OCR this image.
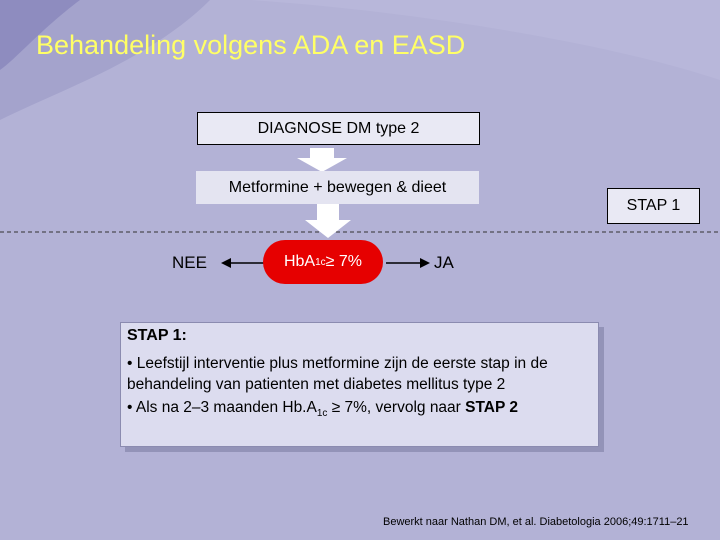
Behandeling volgens ADA en EASD
DIAGNOSE DM type 2
Metformine + bewegen & dieet
STAP 1
NEE	HbA 1c ≥ 7%	JA
STAP 1:
• Leefstijl interventie plus metformine zijn de eerste stap in de behandeling van patienten met diabetes mellitus type 2
• Als na 2–3 maanden $Hb.A_{1c} \ge 7\%$, vervolg naar STAP 2
Bewerkt naar Nathan DM, et al. Diabetologia 2006;49:1711–21
